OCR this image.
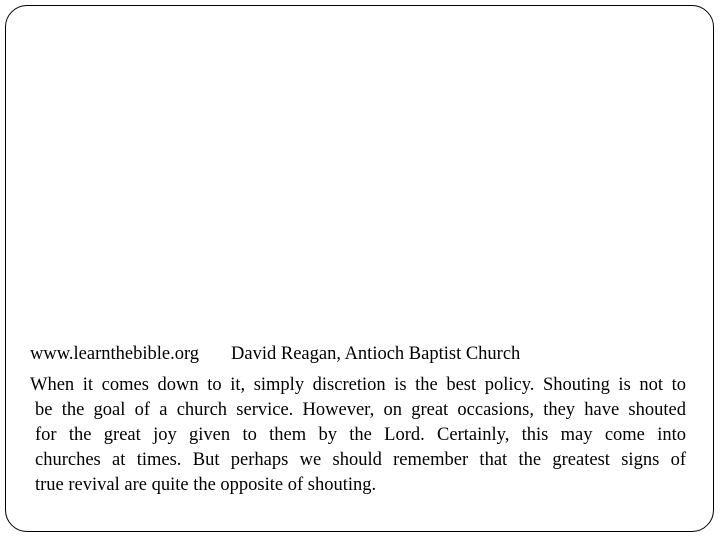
www.learnthebible.org David Reagan, Antioch Baptist Church
When it comes down to it, simply discretion is the best policy. Shouting is not to
be the goal of a church service. However, on great occasions, they have shouted
for the great joy given to them by the Lord. Certainly, this may come into
churches at times. But perhaps we should remember that the greatest signs of
true revival are quite the opposite of shouting.
